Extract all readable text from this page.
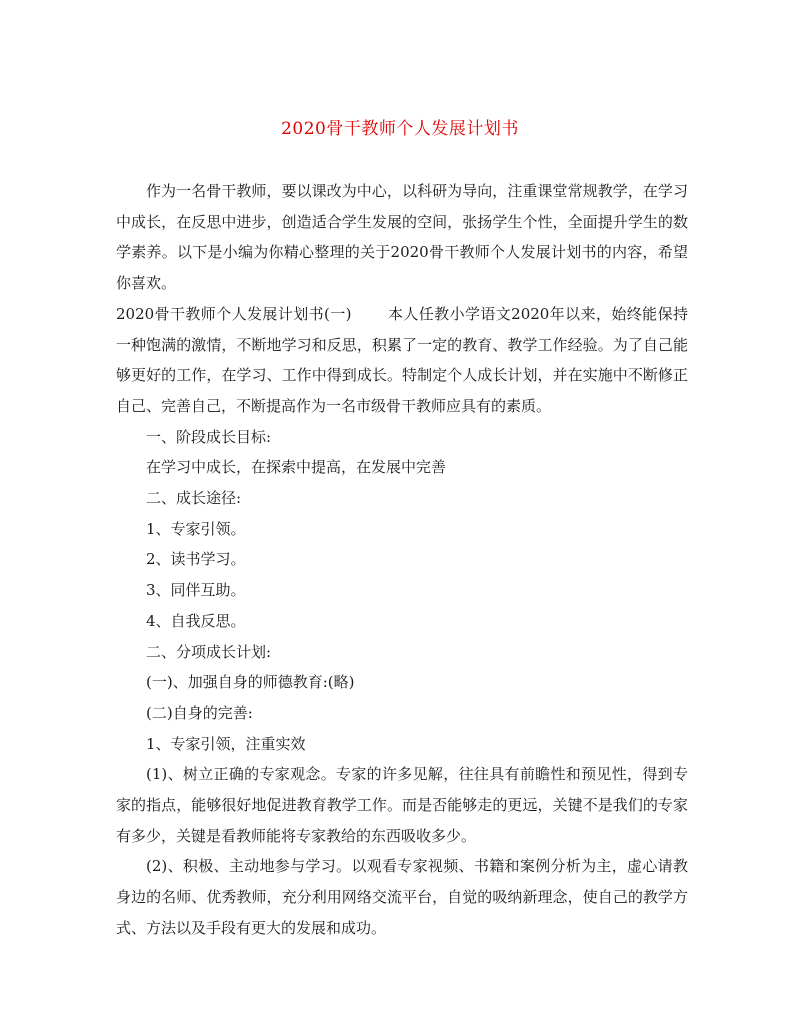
2020骨干教师个人发展计划书

作为一名骨干教师，要以课改为中心，以科研为导向，注重课堂常规教学，在学习中成长，在反思中进步，创造适合学生发展的空间，张扬学生个性，全面提升学生的数学素养。以下是小编为你精心整理的关于2020骨干教师个人发展计划书的内容，希望你喜欢。

2020骨干教师个人发展计划书(一) 本人任教小学语文2020年以来，始终能保持一种饱满的激情，不断地学习和反思，积累了一定的教育、教学工作经验。为了自己能够更好的工作，在学习、工作中得到成长。特制定个人成长计划，并在实施中不断修正自己、完善自己，不断提高作为一名市级骨干教师应具有的素质。

一、阶段成长目标:

在学习中成长，在探索中提高，在发展中完善

二、成长途径:

1、专家引领。

2、读书学习。

3、同伴互助。

4、自我反思。

二、分项成长计划:

(一)、加强自身的师德教育:(略)

(二)自身的完善:

1、专家引领，注重实效

(1)、树立正确的专家观念。专家的许多见解，往往具有前瞻性和预见性，得到专家的指点，能够很好地促进教育教学工作。而是否能够走的更远，关键不是我们的专家有多少，关键是看教师能将专家教给的东西吸收多少。

(2)、积极、主动地参与学习。以观看专家视频、书籍和案例分析为主，虚心请教身边的名师、优秀教师，充分利用网络交流平台，自觉的吸纳新理念，使自己的教学方式、方法以及手段有更大的发展和成功。
